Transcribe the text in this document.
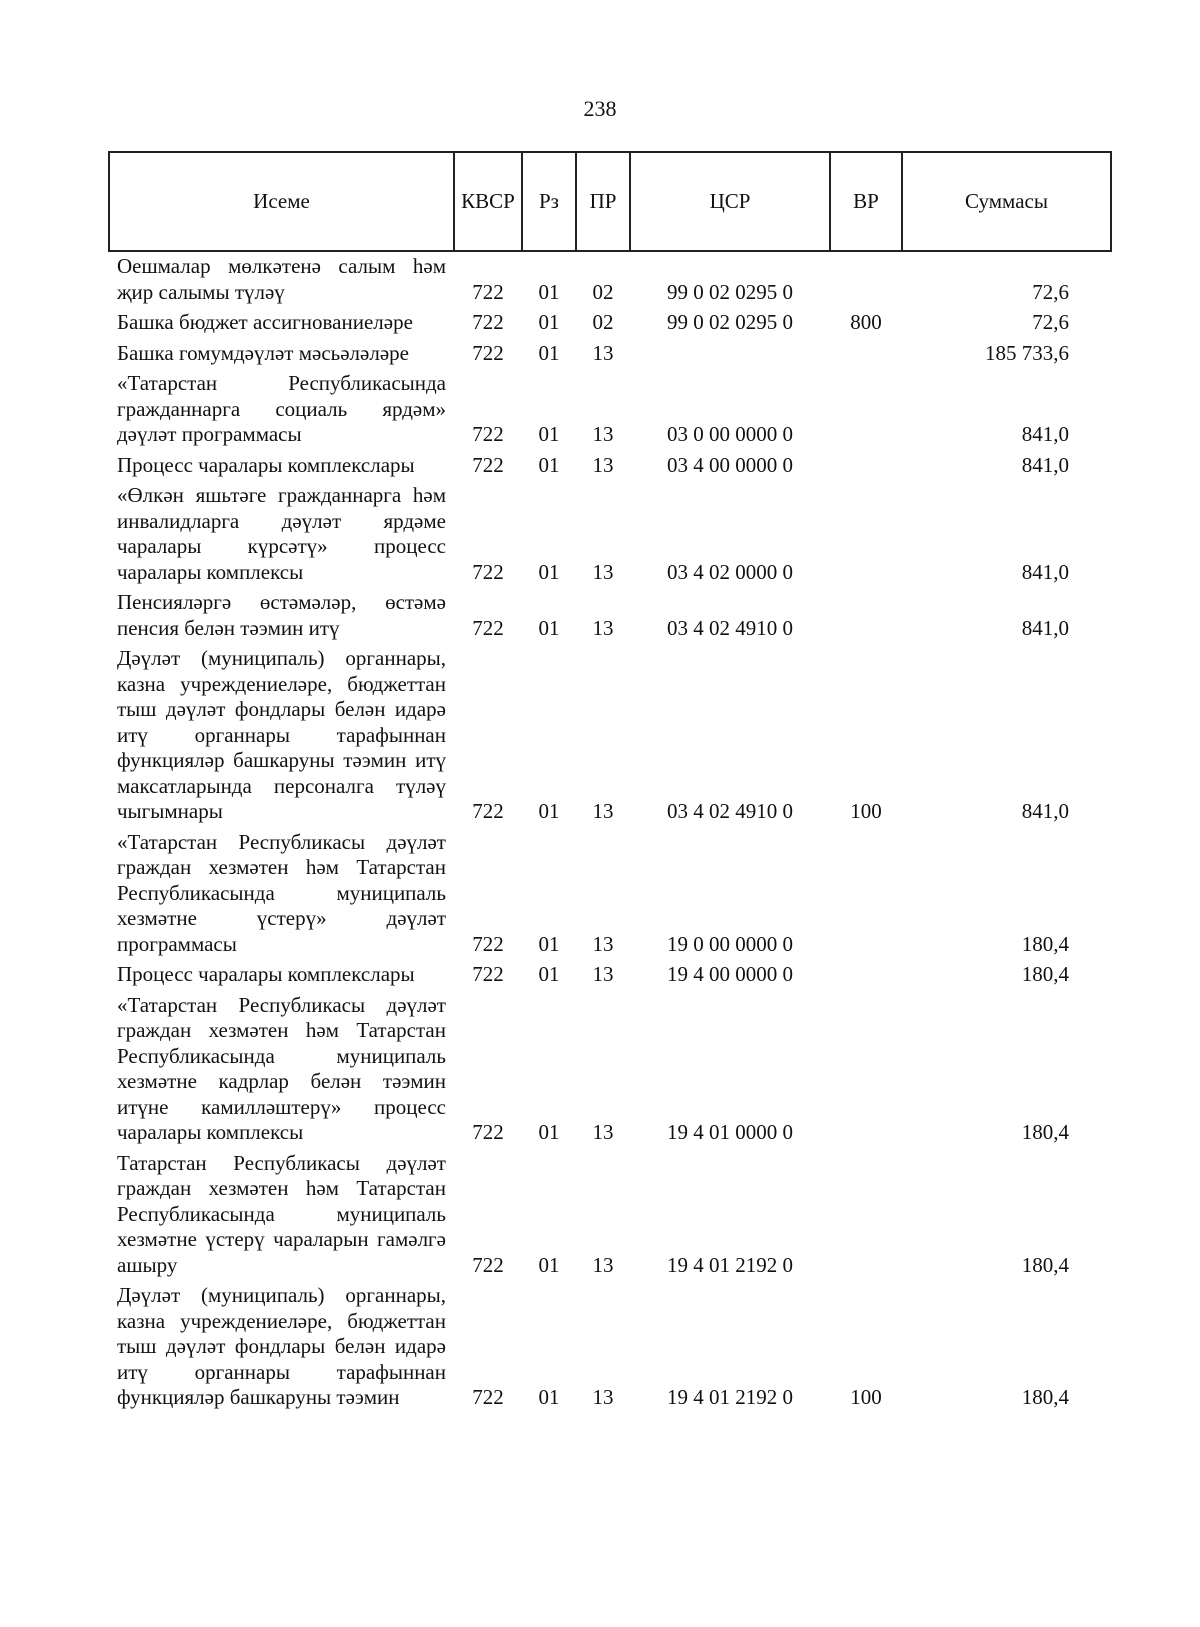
238
Исеме	КВСР	Рз	ПР	ЦСР	ВР	Суммасы
Оешмалар мөлкәтенә салым һәм җир салымы түләү	722	01	02	99 0 02 0295 0		72,6
Башка бюджет ассигнованиеләре	722	01	02	99 0 02 0295 0	800	72,6
Башка гомумдәүләт мәсьәләләре	722	01	13			185 733,6
«Татарстан Республикасында гражданнарга социаль ярдәм» дәүләт программасы	722	01	13	03 0 00 0000 0		841,0
Процесс чаралары комплекслары	722	01	13	03 4 00 0000 0		841,0
«Өлкән яшьтәге гражданнарга һәм инвалидларга дәүләт ярдәме чаралары күрсәтү» процесс чаралары комплексы	722	01	13	03 4 02 0000 0		841,0
Пенсияләргә өстәмәләр, өстәмә пенсия белән тәэмин итү	722	01	13	03 4 02 4910 0		841,0
Дәүләт (муниципаль) органнары, казна учреждениеләре, бюджеттан тыш дәүләт фондлары белән идарә итү органнары тарафыннан функцияләр башкаруны тәэмин итү максатларында персоналга түләү чыгымнары	722	01	13	03 4 02 4910 0	100	841,0
«Татарстан Республикасы дәүләт граждан хезмәтен һәм Татарстан Республикасында муниципаль хезмәтне үстерү» дәүләт программасы	722	01	13	19 0 00 0000 0		180,4
Процесс чаралары комплекслары	722	01	13	19 4 00 0000 0		180,4
«Татарстан Республикасы дәүләт граждан хезмәтен һәм Татарстан Республикасында муниципаль хезмәтне кадрлар белән тәэмин итүне камилләштерү» процесс чаралары комплексы	722	01	13	19 4 01 0000 0		180,4
Татарстан Республикасы дәүләт граждан хезмәтен һәм Татарстан Республикасында муниципаль хезмәтне үстерү чараларын гамәлгә ашыру	722	01	13	19 4 01 2192 0		180,4
Дәүләт (муниципаль) органнары, казна учреждениеләре, бюджеттан тыш дәүләт фондлары белән идарә итү органнары тарафыннан функцияләр башкаруны тәэмин	722	01	13	19 4 01 2192 0	100	180,4
